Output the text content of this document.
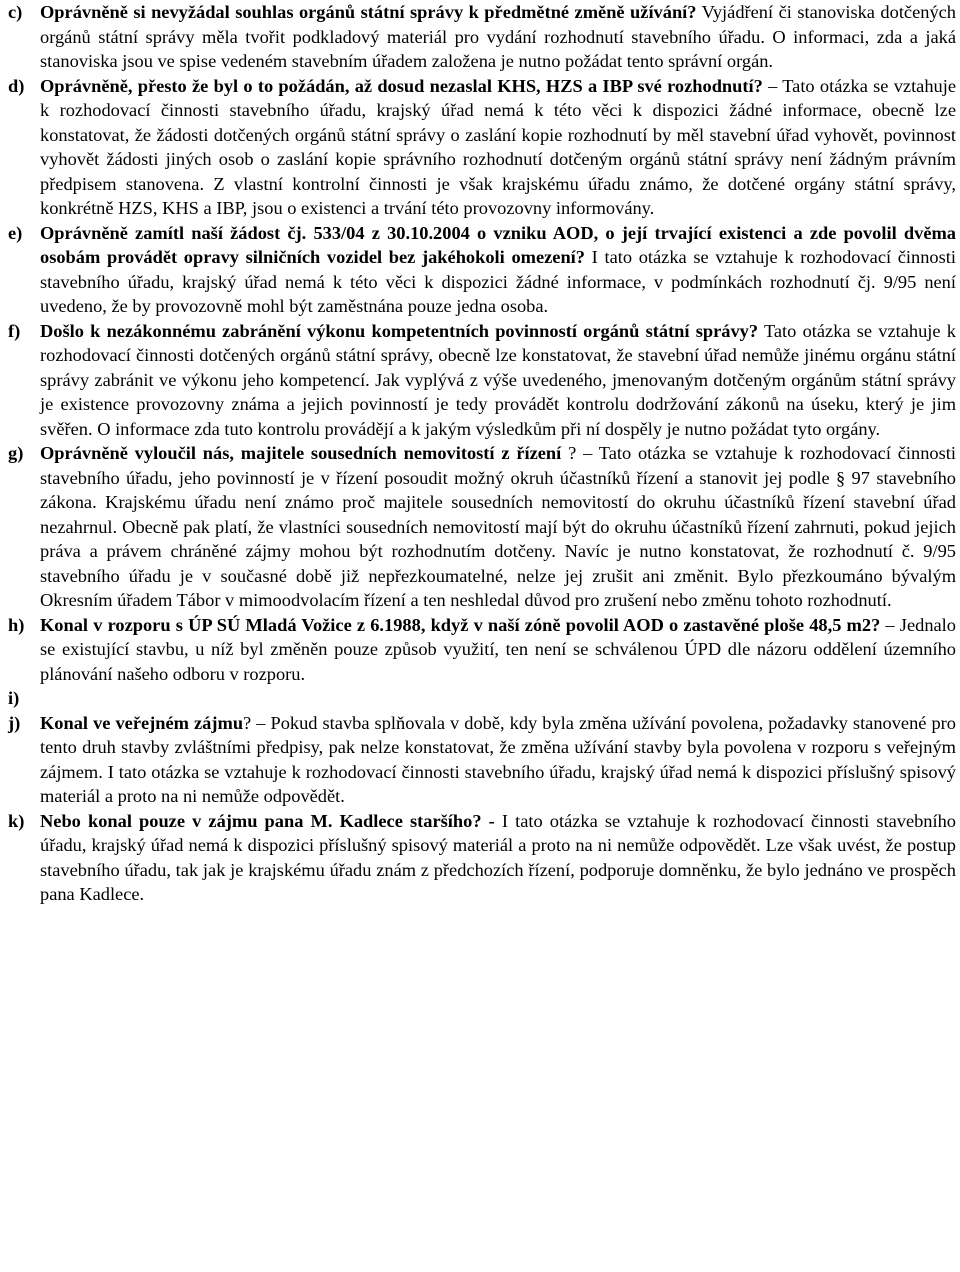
c) Oprávněně si nevyžádal souhlas orgánů státní správy k předmětné změně užívání? Vyjádření či stanoviska dotčených orgánů státní správy měla tvořit podkladový materiál pro vydání rozhodnutí stavebního úřadu. O informaci, zda a jaká stanoviska jsou ve spise vedeném stavebním úřadem založena je nutno požádat tento správní orgán.
d) Oprávněně, přesto že byl o to požádán, až dosud nezaslal KHS, HZS a IBP své rozhodnutí? – Tato otázka se vztahuje k rozhodovací činnosti stavebního úřadu, krajský úřad nemá k této věci k dispozici žádné informace, obecně lze konstatovat, že žádosti dotčených orgánů státní správy o zaslání kopie rozhodnutí by měl stavební úřad vyhovět, povinnost vyhovět žádosti jiných osob o zaslání kopie správního rozhodnutí dotčeným orgánů státní správy není žádným právním předpisem stanovena. Z vlastní kontrolní činnosti je však krajskému úřadu známo, že dotčené orgány státní správy, konkrétně HZS, KHS a IBP, jsou o existenci a trvání této provozovny informovány.
e) Oprávněně zamítl naší žádost čj. 533/04 z 30.10.2004 o vzniku AOD, o její trvající existenci a zde povolil dvěma osobám provádět opravy silničních vozidel bez jakéhokoli omezení? I tato otázka se vztahuje k rozhodovací činnosti stavebního úřadu, krajský úřad nemá k této věci k dispozici žádné informace, v podmínkách rozhodnutí čj. 9/95 není uvedeno, že by provozovně mohl být zaměstnána pouze jedna osoba.
f)	Došlo k nezákonnému zabránění výkonu kompetentních povinností orgánů státní správy? Tato otázka se vztahuje k rozhodovací činnosti dotčených orgánů státní správy, obecně lze konstatovat, že stavební úřad nemůže jinému orgánu státní správy zabránit ve výkonu jeho kompetencí. Jak vyplývá z výše uvedeného, jmenovaným dotčeným orgánům státní správy je existence provozovny známa a jejich povinností je tedy provádět kontrolu dodržování zákonů na úseku, který je jim svěřen. O informace zda tuto kontrolu provádějí a k jakým výsledkům při ní dospěly je nutno požádat tyto orgány.
g) Oprávněně vyloučil nás, majitele sousedních nemovitostí z řízení ? – Tato otázka se vztahuje k rozhodovací činnosti stavebního úřadu, jeho povinností je v řízení posoudit možný okruh účastníků řízení a stanovit jej podle § 97 stavebního zákona. Krajskému úřadu není známo proč majitele sousedních nemovitostí do okruhu účastníků řízení stavební úřad nezahrnul. Obecně pak platí, že vlastníci sousedních nemovitostí mají být do okruhu účastníků řízení zahrnuti, pokud jejich práva a právem chráněné zájmy mohou být rozhodnutím dotčeny. Navíc je nutno konstatovat, že rozhodnutí č. 9/95 stavebního úřadu je v současné době již nepřezkoumatelné, nelze jej zrušit ani změnit. Bylo přezkoumáno bývalým Okresním úřadem Tábor v mimoodvolacím řízení a ten neshledal důvod pro zrušení nebo změnu tohoto rozhodnutí.
h) Konal v rozporu s ÚP SÚ Mladá Vožice z 6.1988, když v naší zóně povolil AOD o zastavěné ploše 48,5 m2? – Jednalo se existující stavbu, u níž byl změněn pouze způsob využití, ten není se schválenou ÚPD dle názoru oddělení územního plánování našeho odboru v rozporu.
i)
j)	Konal ve veřejném zájmu? – Pokud stavba splňovala v době, kdy byla změna užívání povolena, požadavky stanovené pro tento druh stavby zvláštními předpisy, pak nelze konstatovat, že změna užívání stavby byla povolena v rozporu s veřejným zájmem. I tato otázka se vztahuje k rozhodovací činnosti stavebního úřadu, krajský úřad nemá k dispozici příslušný spisový materiál a proto na ni nemůže odpovědět.
k) Nebo konal pouze v zájmu pana M. Kadlece staršího? - I tato otázka se vztahuje k rozhodovací činnosti stavebního úřadu, krajský úřad nemá k dispozici příslušný spisový materiál a proto na ni nemůže odpovědět. Lze však uvést, že postup stavebního úřadu, tak jak je krajskému úřadu znám z předchozích řízení, podporuje domněnku, že bylo jednáno ve prospěch pana Kadlece.
